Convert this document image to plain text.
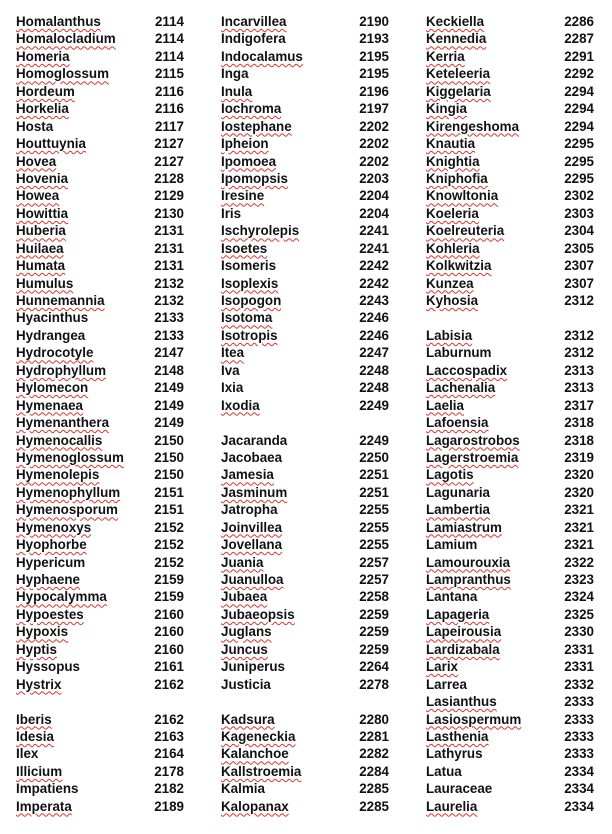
Homalanthus	2114
Homalocladium	2114
Homeria	2114
Homoglossum	2115
Hordeum	2116
Horkelia	2116
Hosta	2117
Houttuynia	2127
Hovea	2127
Hovenia	2128
Howea	2129
Howittia	2130
Huberia	2131
Huilaea	2131
Humata	2131
Humulus	2132
Hunnemannia	2132
Hyacinthus	2133
Hydrangea	2133
Hydrocotyle	2147
Hydrophyllum	2148
Hylomecon	2149
Hymenaea	2149
Hymenanthera	2149
Hymenocallis	2150
Hymenoglossum 2150
Hymenolepis	2150
Hymenophyllum	2151
Hymenosporum	2151
Hymenoxys	2152
Hyophorbe	2152
Hypericum	2152
Hyphaene	2159
Hypocalymma	2159
Hypoestes	2160
Hypoxis	2160
Hyptis	2160
Hyssopus	2161
Hystrix	2162
Iberis	2162
Idesia	2163
Ilex	2164
Illicium	2178
Impatiens	2182
Imperata	2189
Incarvillea	2190
Indigofera	2193
Indocalamus	2195
Inga	2195
Inula	2196
Iochroma	2197
Iostephane	2202
Ipheion	2202
Ipomoea	2202
Ipomopsis	2203
Iresine	2204
Iris	2204
Ischyrolepis	2241
Isoetes	2241
Isomeris	2242
Isoplexis	2242
Isopogon	2243
Isotoma	2246
Isotropis	2246
Itea	2247
Iva	2248
Ixia	2248
Ixodia	2249
Jacaranda	2249
Jacobaea	2250
Jamesia	2251
Jasminum	2251
Jatropha	2255
Joinvillea	2255
Jovellana	2255
Juania	2257
Juanulloa	2257
Jubaea	2258
Jubaeopsis	2259
Juglans	2259
Juncus	2259
Juniperus	2264
Justicia	2278
Kadsura	2280
Kageneckia	2281
Kalanchoe	2282
Kallstroemia	2284
Kalmia	2285
Kalopanax	2285
Keckiella	2286
Kennedia	2287
Kerria	2291
Keteleeria	2292
Kiggelaria	2294
Kingia	2294
Kirengeshoma	2294
Knautia	2295
Knightia	2295
Kniphofia	2295
Knowltonia	2302
Koeleria	2303
Koelreuteria	2304
Kohleria	2305
Kolkwitzia	2307
Kunzea	2307
Kyhosia	2312
Labisia	2312
Laburnum	2312
Laccospadix	2313
Lachenalia	2313
Laelia	2317
Lafoensia	2318
Lagarostrobos	2318
Lagerstroemia	2319
Lagotis	2320
Lagunaria	2320
Lambertia	2321
Lamiastrum	2321
Lamium	2321
Lamourouxia	2322
Lampranthus	2323
Lantana	2324
Lapageria	2325
Lapeirousia	2330
Lardizabala	2331
Larix	2331
Larrea	2332
Lasianthus	2333
Lasiospermum	2333
Lasthenia	2333
Lathyrus	2333
Latua	2334
Lauraceae	2334
Laurelia	2334
